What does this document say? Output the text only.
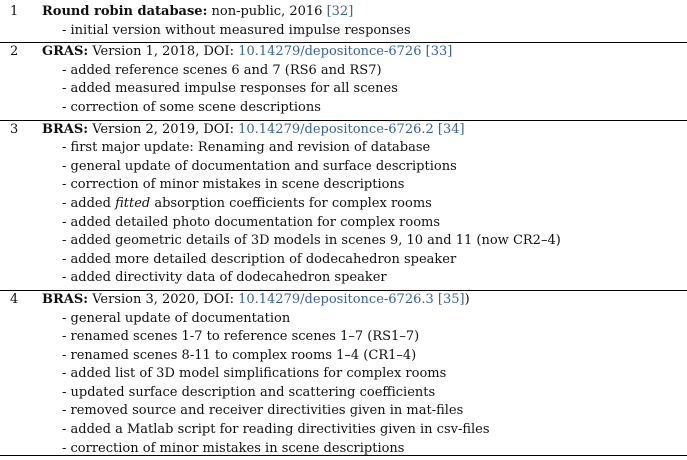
1	Round robin database: non-public, 2016 [32]
- initial version without measured impulse responses
2	GRAS: Version 1, 2018, DOI: 10.14279/depositonce-6726 [33]
- added reference scenes 6 and 7 (RS6 and RS7)
- added measured impulse responses for all scenes
- correction of some scene descriptions
3	BRAS: Version 2, 2019, DOI: 10.14279/depositonce-6726.2 [34]
- first major update: Renaming and revision of database
- general update of documentation and surface descriptions
- correction of minor mistakes in scene descriptions
- added fitted absorption coefficients for complex rooms
- added detailed photo documentation for complex rooms
- added geometric details of 3D models in scenes 9, 10 and 11 (now CR2–4)
- added more detailed description of dodecahedron speaker
- added directivity data of dodecahedron speaker
4	BRAS: Version 3, 2020, DOI: 10.14279/depositonce-6726.3 [35])
- general update of documentation
- renamed scenes 1-7 to reference scenes 1–7 (RS1–7)
- renamed scenes 8-11 to complex rooms 1–4 (CR1–4)
- added list of 3D model simplifications for complex rooms
- updated surface description and scattering coefficients
- removed source and receiver directivities given in mat-files
- added a Matlab script for reading directivities given in csv-files
- correction of minor mistakes in scene descriptions
